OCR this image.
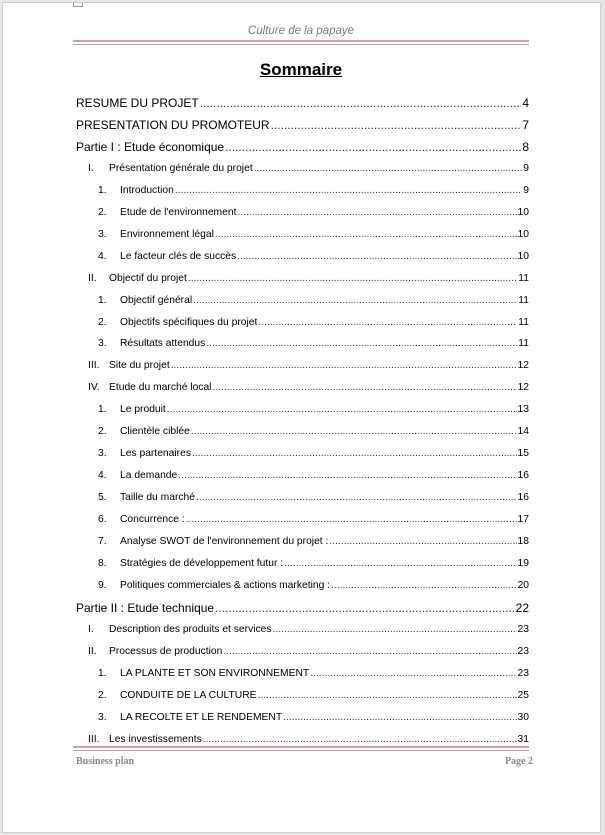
Culture de la papaye
Sommaire
RESUME DU PROJET .....	4
PRESENTATION DU PROMOTEUR .....	7
Partie I : Etude économique .....	8
I.	Présentation générale du projet .....	9
1.	Introduction .....	9
2.	Etude de l'environnement .....	10
3.	Environnement légal .....	10
4.	Le facteur clés de succès .....	10
II.	Objectif du projet .....	11
1.	Objectif général .....	11
2.	Objectifs spécifiques du projet .....	11
3.	Résultats attendus .....	11
III. Site du projet .....	12
IV. Etude du marché local .....	12
1.	Le produit .....	13
2.	Clientèle ciblée .....	14
3.	Les partenaires .....	15
4.	La demande .....	16
5.	Taille du marché .....	16
6.	Concurrence : .....	17
7.	Analyse SWOT de l'environnement du projet : .....	18
8.	Stratégies de développement futur : .....	19
9.	Politiques commerciales & actions marketing : .....	20
Partie II : Etude technique .....	22
I.	Description des produits et services .....	23
II.	Processus de production .....	23
1.	LA PLANTE ET SON ENVIRONNEMENT .....	23
2.	CONDUITE DE LA CULTURE .....	25
3.	LA RECOLTE ET LE RENDEMENT .....	30
III. Les investissements .....	31
Business plan	Page 2
